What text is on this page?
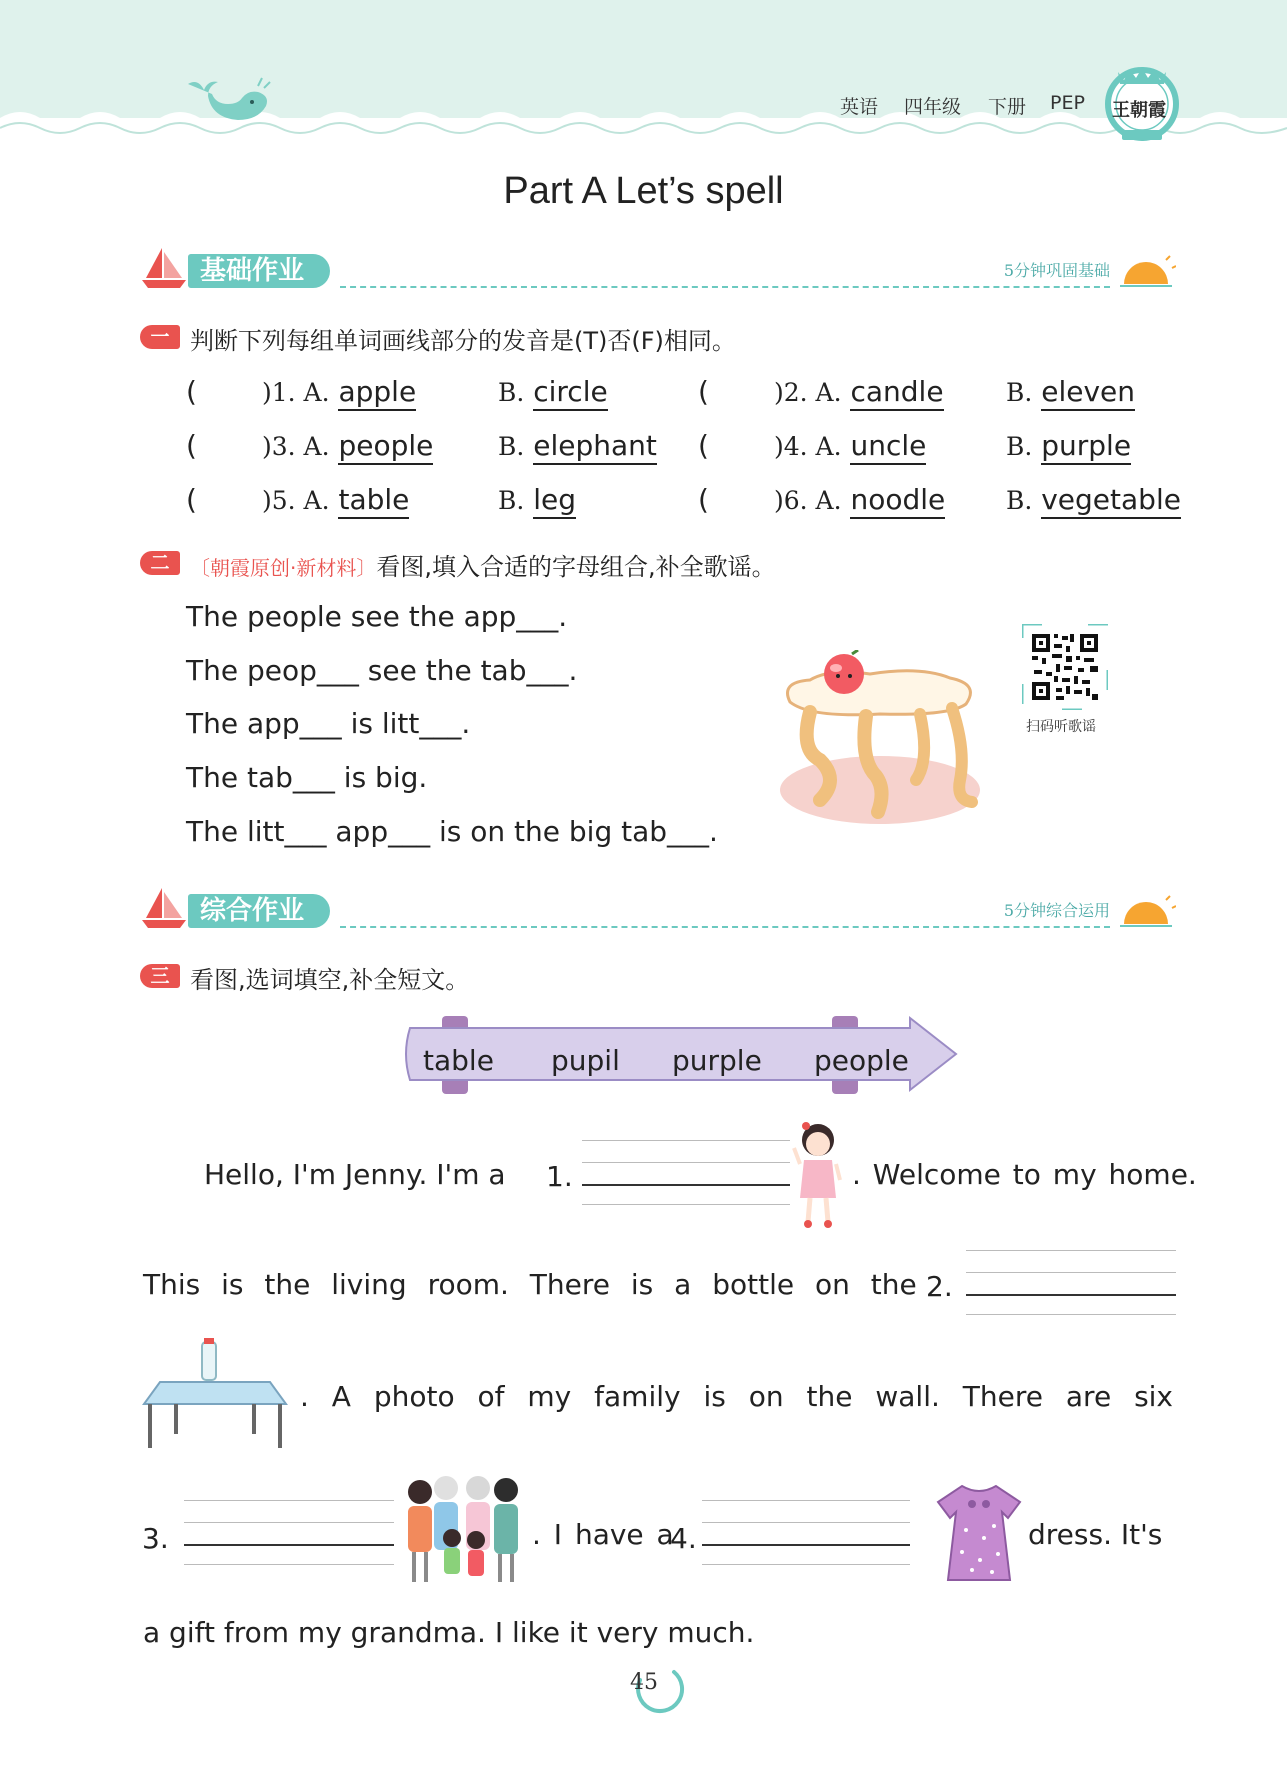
英语 四年级 下册 PEP 王朝霞
Part A Let’s spell
基础作业	5分钟巩固基础
一 判断下列每组单词画线部分的发音是(T)否(F)相同。
(	)1. A. apple	B. circle	(	)2. A. candle B. eleven
(	)3. A. people	B. elephant (	)4. A. uncle	B. purple
(	)5. A. table	B. leg	(	)6. A. noodle B. vegetable
二	〔朝霞原创·新材料〕看图,填入合适的字母组合,补全歌谣。
The people see the app___.
The peop___ see the tab___.
The app___ is litt___.
The tab___ is big.
The litt___ app___ is on the big tab___.
扫码听歌谣
综合作业	5分钟综合运用
三 看图,选词填空,补全短文。
table pupil purple people
Hello, I'm Jenny. I'm a 1.	. Welcome to my home.
This is the living room. There is a bottle on the 2.
. A photo of my family is on the wall. There are six
3.	. I have a
4.	dress. It's
a gift from my grandma. I like it very much.
45
